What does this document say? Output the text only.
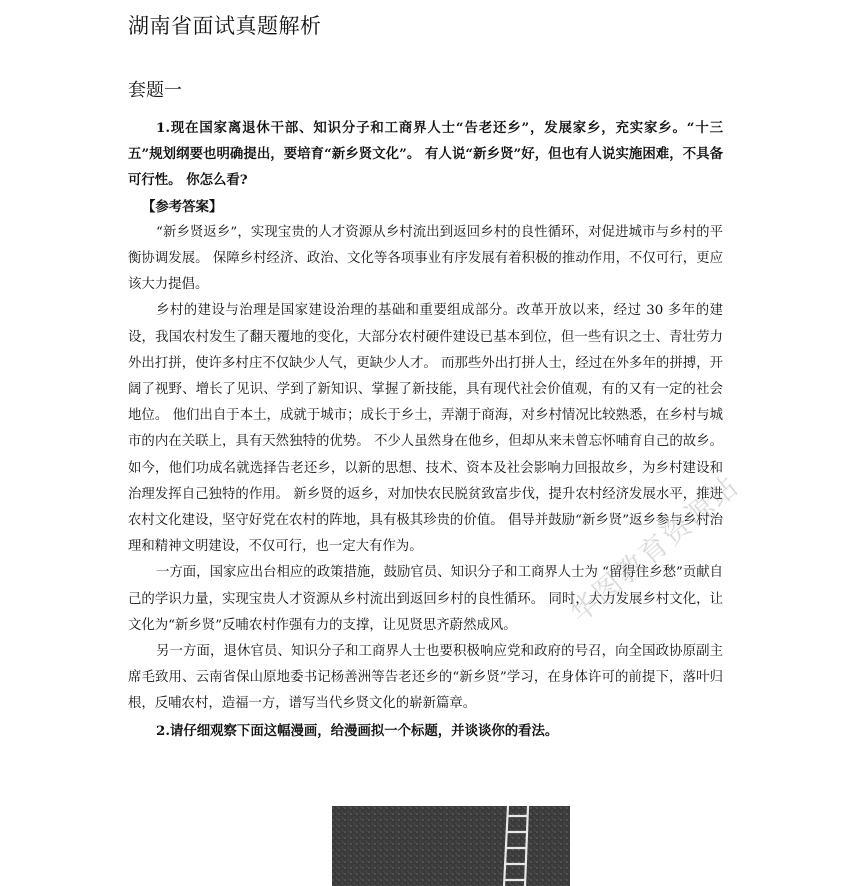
湖南省面试真题解析
套题一

1.现在国家离退休干部、知识分子和工商界人士“告老还乡”，发展家乡，充实家乡。“十三五”规划纲要也明确提出，要培育“新乡贤文化”。 有人说“新乡贤”好，但也有人说实施困难，不具备可行性。 你怎么看?

【参考答案】

“新乡贤返乡”，实现宝贵的人才资源从乡村流出到返回乡村的良性循环，对促进城市与乡村的平衡协调发展。 保障乡村经济、政治、文化等各项事业有序发展有着积极的推动作用，不仅可行，更应该大力提倡。

乡村的建设与治理是国家建设治理的基础和重要组成部分。改革开放以来，经过 30 多年的建设，我国农村发生了翻天覆地的变化，大部分农村硬件建设已基本到位，但一些有识之士、青壮劳力外出打拼，使许多村庄不仅缺少人气，更缺少人才。 而那些外出打拼人士，经过在外多年的拼搏，开阔了视野、增长了见识、学到了新知识、掌握了新技能，具有现代社会价值观，有的又有一定的社会地位。 他们出自于本土，成就于城市；成长于乡土，弄潮于商海，对乡村情况比较熟悉，在乡村与城市的内在关联上，具有天然独特的优势。 不少人虽然身在他乡，但却从来未曾忘怀哺育自己的故乡。 如今，他们功成名就选择告老还乡，以新的思想、技术、资本及社会影响力回报故乡，为乡村建设和治理发挥自己独特的作用。 新乡贤的返乡，对加快农民脱贫致富步伐，提升农村经济发展水平，推进农村文化建设，坚守好党在农村的阵地，具有极其珍贵的价值。 倡导并鼓励“新乡贤”返乡参与乡村治理和精神文明建设，不仅可行，也一定大有作为。

一方面，国家应出台相应的政策措施，鼓励官员、知识分子和工商界人士为 “留得住乡愁”贡献自己的学识力量，实现宝贵人才资源从乡村流出到返回乡村的良性循环。 同时，大力发展乡村文化，让文化为“新乡贤”反哺农村作强有力的支撑，让见贤思齐蔚然成风。

另一方面，退休官员、知识分子和工商界人士也要积极响应党和政府的号召，向全国政协原副主席毛致用、云南省保山原地委书记杨善洲等告老还乡的“新乡贤”学习，在身体许可的前提下，落叶归根，反哺农村，造福一方，谱写当代乡贤文化的崭新篇章。

2.请仔细观察下面这幅漫画，给漫画拟一个标题，并谈谈你的看法。

华图教育资源站
